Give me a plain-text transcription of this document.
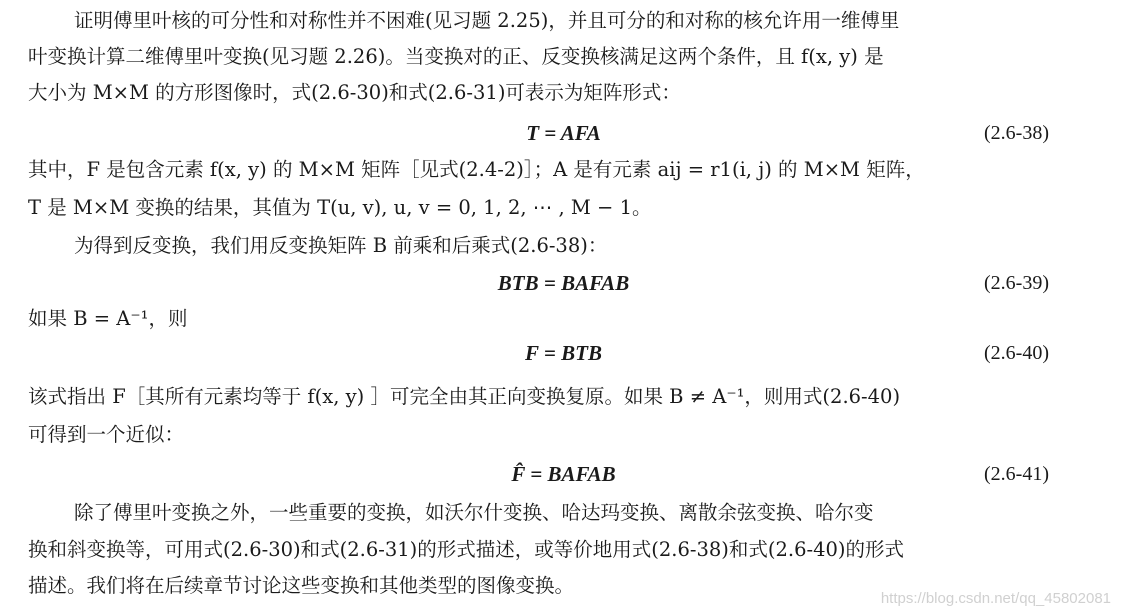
证明傅里叶核的可分性和对称性并不困难(见习题 2.25)，并且可分的和对称的核允许用一维傅里
叶变换计算二维傅里叶变换(见习题 2.26)。当变换对的正、反变换核满足这两个条件，且 f(x, y) 是
大小为 M×M 的方形图像时，式(2.6-30)和式(2.6-31)可表示为矩阵形式：
T = AFA	(2.6-38)
其中，F 是包含元素 f(x, y) 的 M×M 矩阵［见式(2.4-2)］；A 是有元素 aij = r1(i, j) 的 M×M 矩阵，
T 是 M×M 变换的结果，其值为 T(u, v), u, v = 0, 1, 2, ⋯ , M − 1。
为得到反变换，我们用反变换矩阵 B 前乘和后乘式(2.6-38)：
BTB = BAFAB	(2.6-39)
如果 B = A⁻¹，则
F = BTB	(2.6-40)
该式指出 F［其所有元素均等于 f(x, y) ］可完全由其正向变换复原。如果 B ≠ A⁻¹，则用式(2.6-40)
可得到一个近似：
F̂ = BAFAB	(2.6-41)
除了傅里叶变换之外，一些重要的变换，如沃尔什变换、哈达玛变换、离散余弦变换、哈尔变
换和斜变换等，可用式(2.6-30)和式(2.6-31)的形式描述，或等价地用式(2.6-38)和式(2.6-40)的形式
描述。我们将在后续章节讨论这些变换和其他类型的图像变换。
https://blog.csdn.net/qq_45802081
